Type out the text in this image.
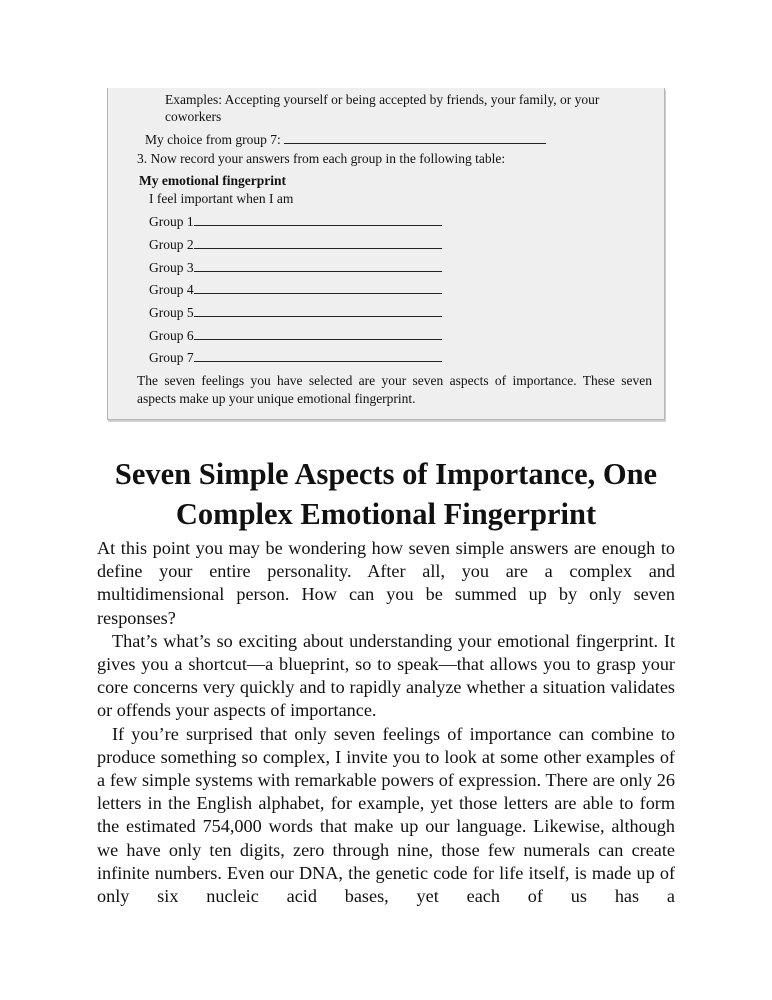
Examples: Accepting yourself or being accepted by friends, your family, or your
coworkers
My choice from group 7:
3. Now record your answers from each group in the following table:
My emotional fingerprint
I feel important when I am
Group 1
Group 2
Group 3
Group 4
Group 5
Group 6
Group 7
The seven feelings you have selected are your seven aspects of importance. These seven aspects make up your unique emotional fingerprint.
Seven Simple Aspects of Importance, One Complex Emotional Fingerprint

At this point you may be wondering how seven simple answers are enough to define your entire personality. After all, you are a complex and multidimensional person. How can you be summed up by only seven responses?

That’s what’s so exciting about understanding your emotional fingerprint. It gives you a shortcut—a blueprint, so to speak—that allows you to grasp your core concerns very quickly and to rapidly analyze whether a situation validates or offends your aspects of importance.

If you’re surprised that only seven feelings of importance can combine to produce something so complex, I invite you to look at some other examples of a few simple systems with remarkable powers of expression. There are only 26 letters in the English alphabet, for example, yet those letters are able to form the estimated 754,000 words that make up our language. Likewise, although we have only ten digits, zero through nine, those few numerals can create infinite numbers. Even our DNA, the genetic code for life itself, is made up of only six nucleic acid bases, yet each of us has a
